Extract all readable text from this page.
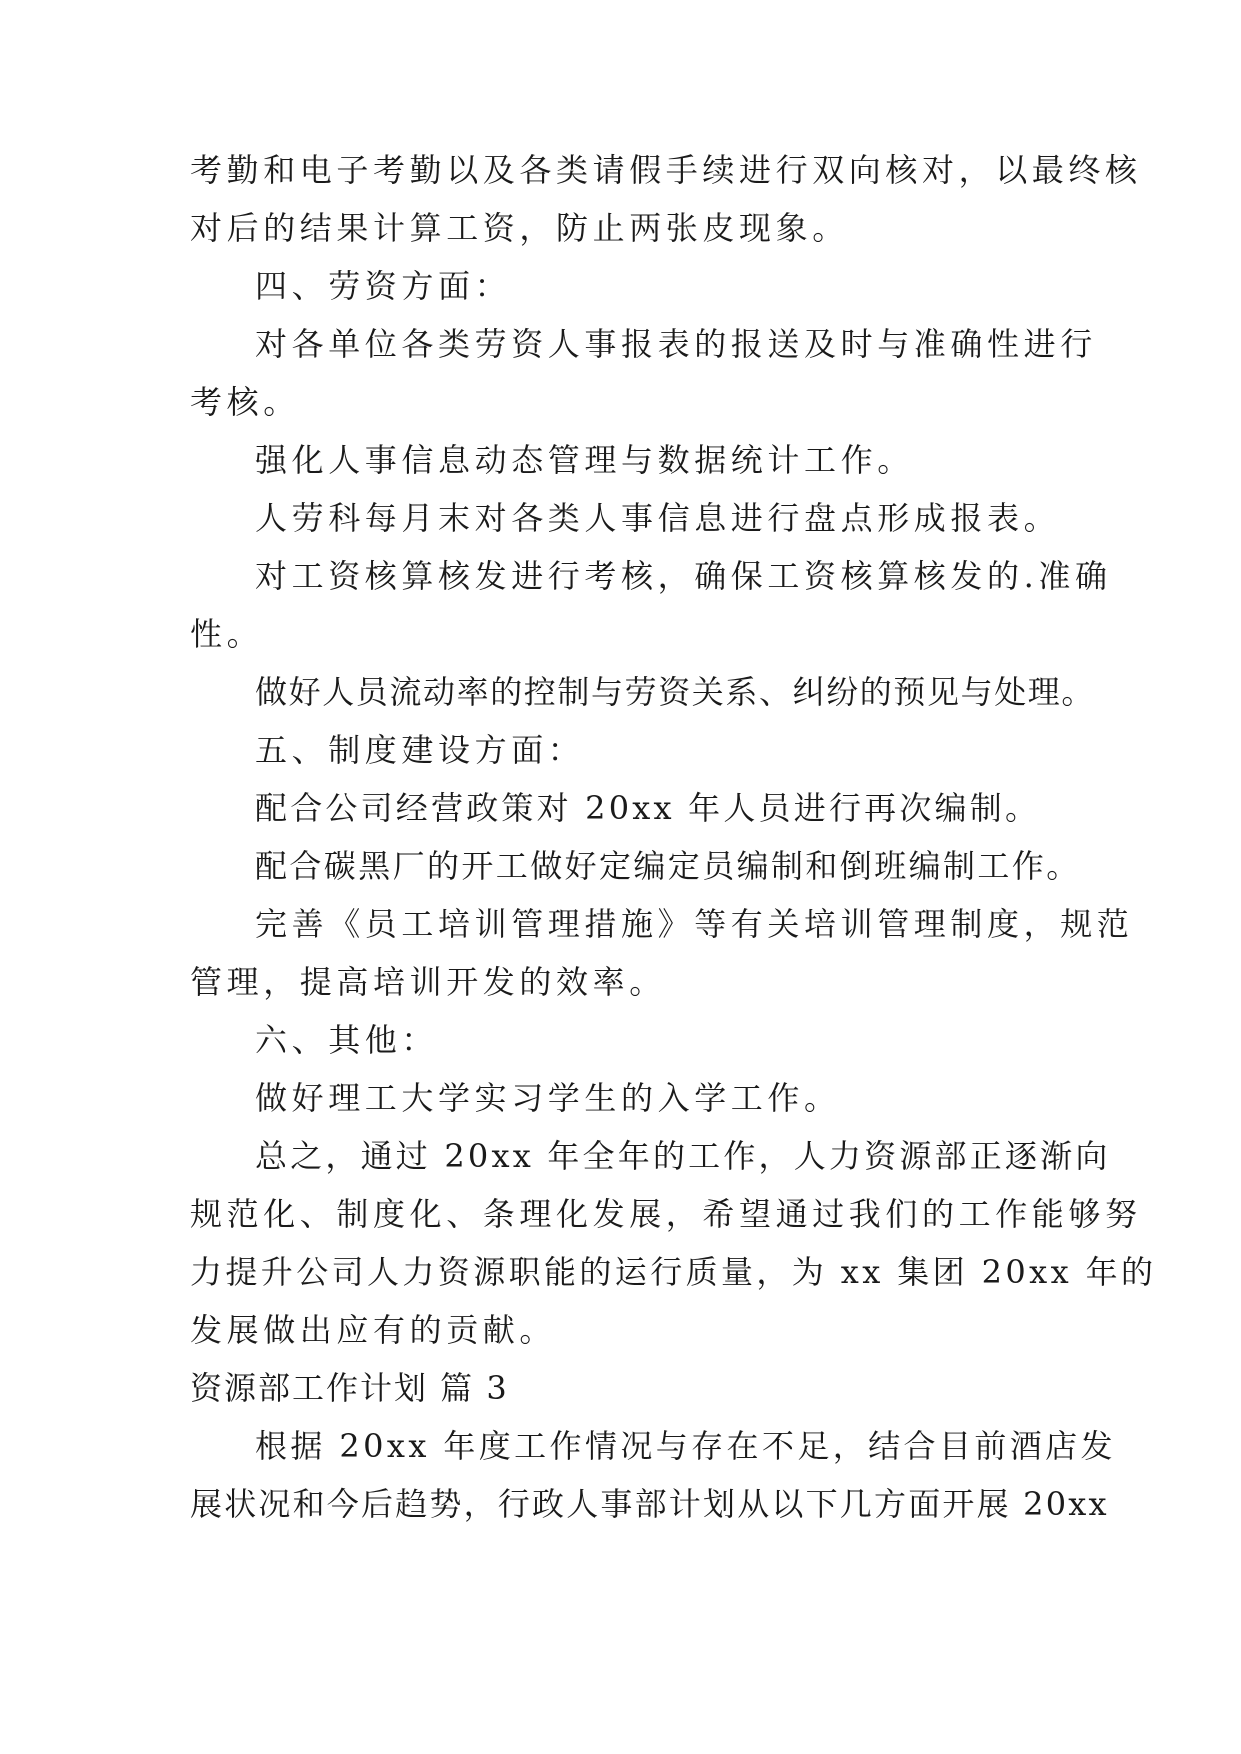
考勤和电子考勤以及各类请假手续进行双向核对，以最终核
对后的结果计算工资，防止两张皮现象。
四、劳资方面：
对各单位各类劳资人事报表的报送及时与准确性进行
考核。
强化人事信息动态管理与数据统计工作。
人劳科每月末对各类人事信息进行盘点形成报表。
对工资核算核发进行考核，确保工资核算核发的.准确
性。
做好人员流动率的控制与劳资关系、纠纷的预见与处理。
五、制度建设方面：
配合公司经营政策对 20xx 年人员进行再次编制。
配合碳黑厂的开工做好定编定员编制和倒班编制工作。
完善《员工培训管理措施》等有关培训管理制度，规范
管理，提高培训开发的效率。
六、其他：
做好理工大学实习学生的入学工作。
总之，通过 20xx 年全年的工作，人力资源部正逐渐向
规范化、制度化、条理化发展，希望通过我们的工作能够努
力提升公司人力资源职能的运行质量，为 xx 集团 20xx 年的
发展做出应有的贡献。
资源部工作计划 篇 3
根据 20xx 年度工作情况与存在不足，结合目前酒店发
展状况和今后趋势，行政人事部计划从以下几方面开展 20xx
